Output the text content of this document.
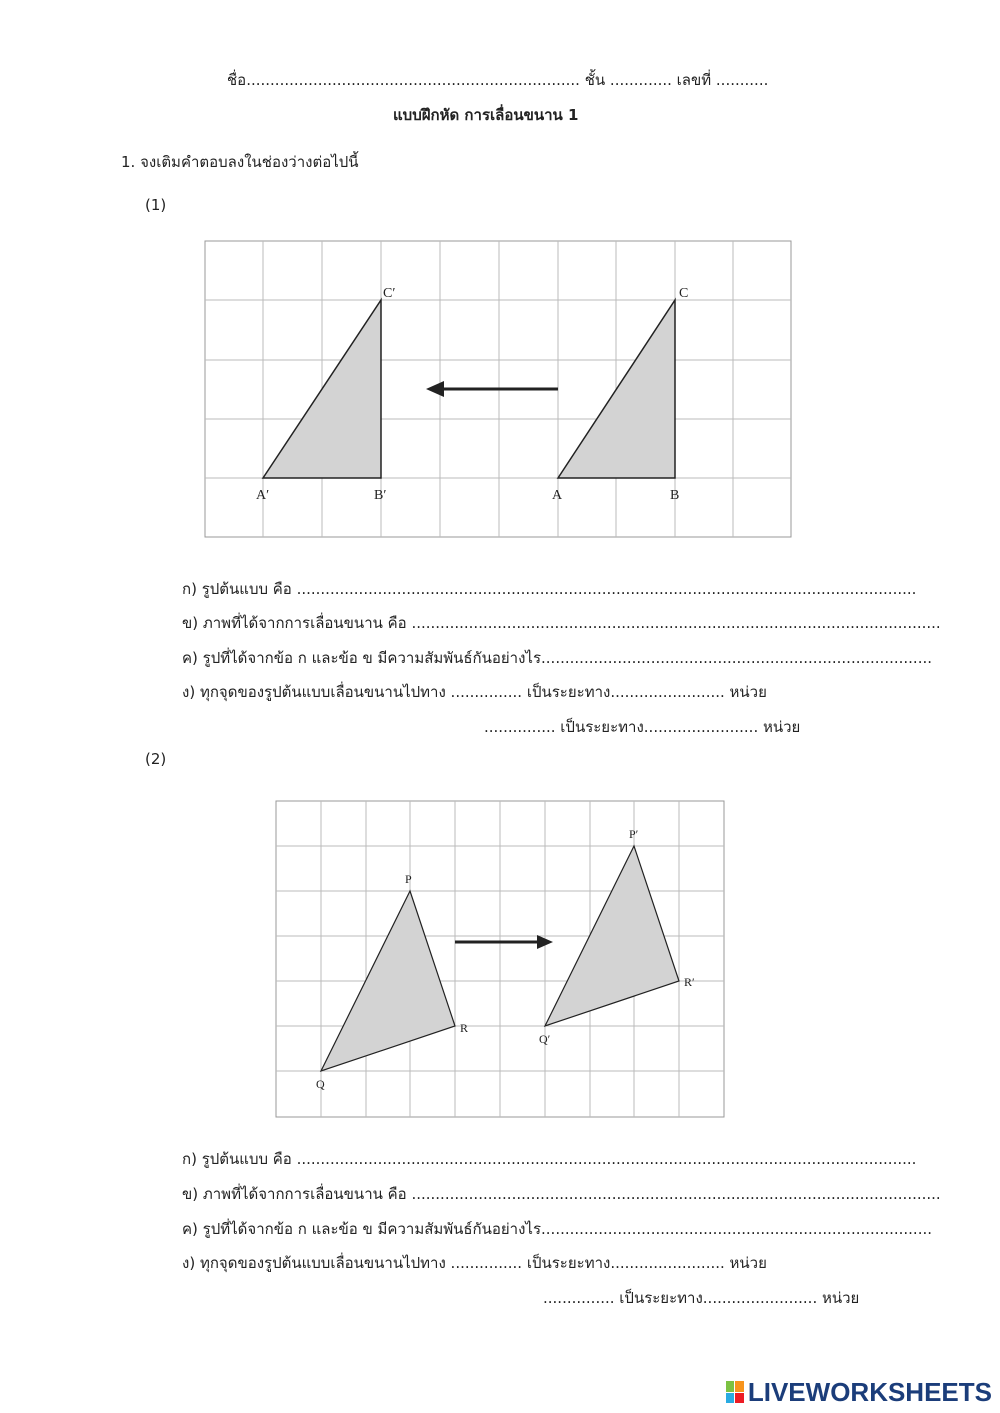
ชื่อ...................................................................... ชั้น ............. เลขที่ ...........
แบบฝึกหัด การเลื่อนขนาน 1
1. จงเติมคำตอบลงในช่องว่างต่อไปนี้
(1)
C′
A′	B′
C
A	B
ก) รูปต้นแบบ คือ ..................................................................................................................................
ข) ภาพที่ได้จากการเลื่อนขนาน คือ ...............................................................................................................
ค) รูปที่ได้จากข้อ ก และข้อ ข มีความสัมพันธ์กันอย่างไร..................................................................................
ง) ทุกจุดของรูปต้นแบบเลื่อนขนานไปทาง ............... เป็นระยะทาง........................ หน่วย
............... เป็นระยะทาง........................ หน่วย
(2)
P
Q
R
P′
Q′
R′
ก) รูปต้นแบบ คือ ..................................................................................................................................
ข) ภาพที่ได้จากการเลื่อนขนาน คือ ...............................................................................................................
ค) รูปที่ได้จากข้อ ก และข้อ ข มีความสัมพันธ์กันอย่างไร..................................................................................
ง) ทุกจุดของรูปต้นแบบเลื่อนขนานไปทาง ............... เป็นระยะทาง........................ หน่วย
............... เป็นระยะทาง........................ หน่วย
LIVEWORKSHEETS
